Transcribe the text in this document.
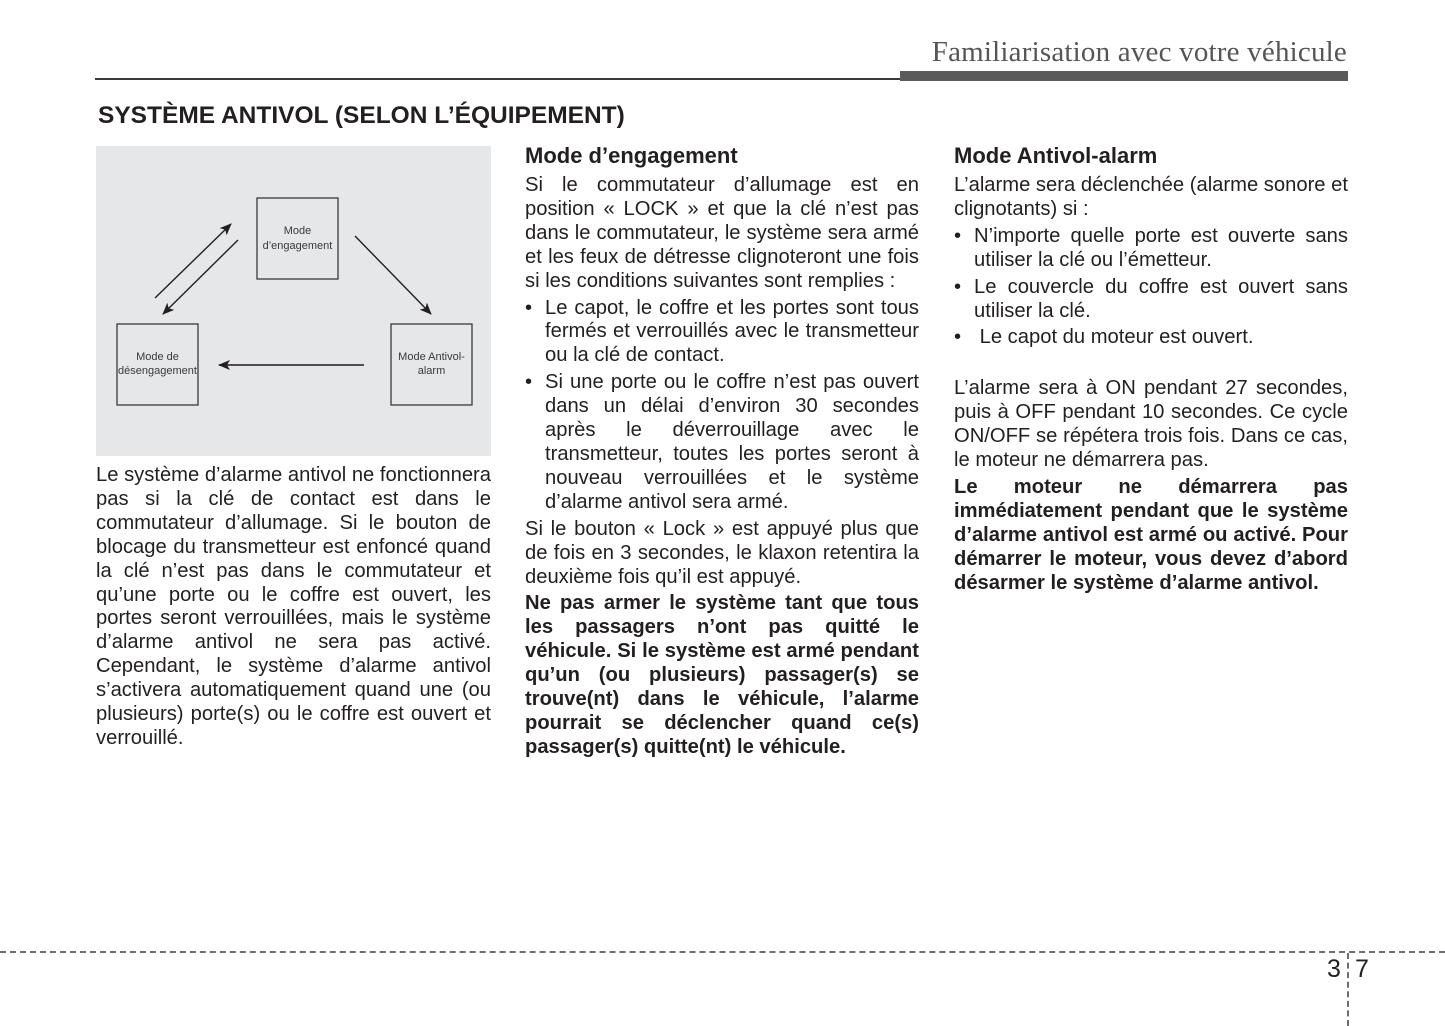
Familiarisation avec votre véhicule
SYSTÈME ANTIVOL (SELON L’ÉQUIPEMENT)
Mode
d’engagement
Mode de
désengagement
Mode Antivol-
alarm

Le système d’alarme antivol ne fonctionnera pas si la clé de contact est dans le commutateur d’allumage. Si le bouton de blocage du transmetteur est enfoncé quand la clé n’est pas dans le commutateur et qu’une porte ou le coffre est ouvert, les portes seront verrouillées, mais le système d’alarme antivol ne sera pas activé. Cependant, le système d’alarme antivol s’activera automatiquement quand une (ou plusieurs) porte(s) ou le coffre est ouvert et verrouillé.

Mode d’engagement

Si le commutateur d’allumage est en position « LOCK » et que la clé n’est pas dans le commutateur, le système sera armé et les feux de détresse clignoteront une fois si les conditions suivantes sont remplies :

• Le capot, le coffre et les portes sont tous fermés et verrouillés avec le transmetteur ou la clé de contact.
• Si une porte ou le coffre n’est pas ouvert dans un délai d’environ 30 secondes après le déverrouillage avec le transmetteur, toutes les portes seront à nouveau verrouillées et le système d’alarme antivol sera armé.

Si le bouton « Lock » est appuyé plus que de fois en 3 secondes, le klaxon retentira la deuxième fois qu’il est appuyé.

Ne pas armer le système tant que tous les passagers n’ont pas quitté le véhicule. Si le système est armé pendant qu’un (ou plusieurs) passager(s) se trouve(nt) dans le véhicule, l’alarme pourrait se déclencher quand ce(s) passager(s) quitte(nt) le véhicule.

Mode Antivol-alarm

L’alarme sera déclenchée (alarme sonore et clignotants) si :

• N’importe quelle porte est ouverte sans utiliser la clé ou l’émetteur.
• Le couvercle du coffre est ouvert sans utiliser la clé.
• Le capot du moteur est ouvert.

L’alarme sera à ON pendant 27 secondes, puis à OFF pendant 10 secondes. Ce cycle ON/OFF se répétera trois fois. Dans ce cas, le moteur ne démarrera pas.

Le moteur ne démarrera pas immédiatement pendant que le système d’alarme antivol est armé ou activé. Pour démarrer le moteur, vous devez d’abord désarmer le système d’alarme antivol.

3 7
